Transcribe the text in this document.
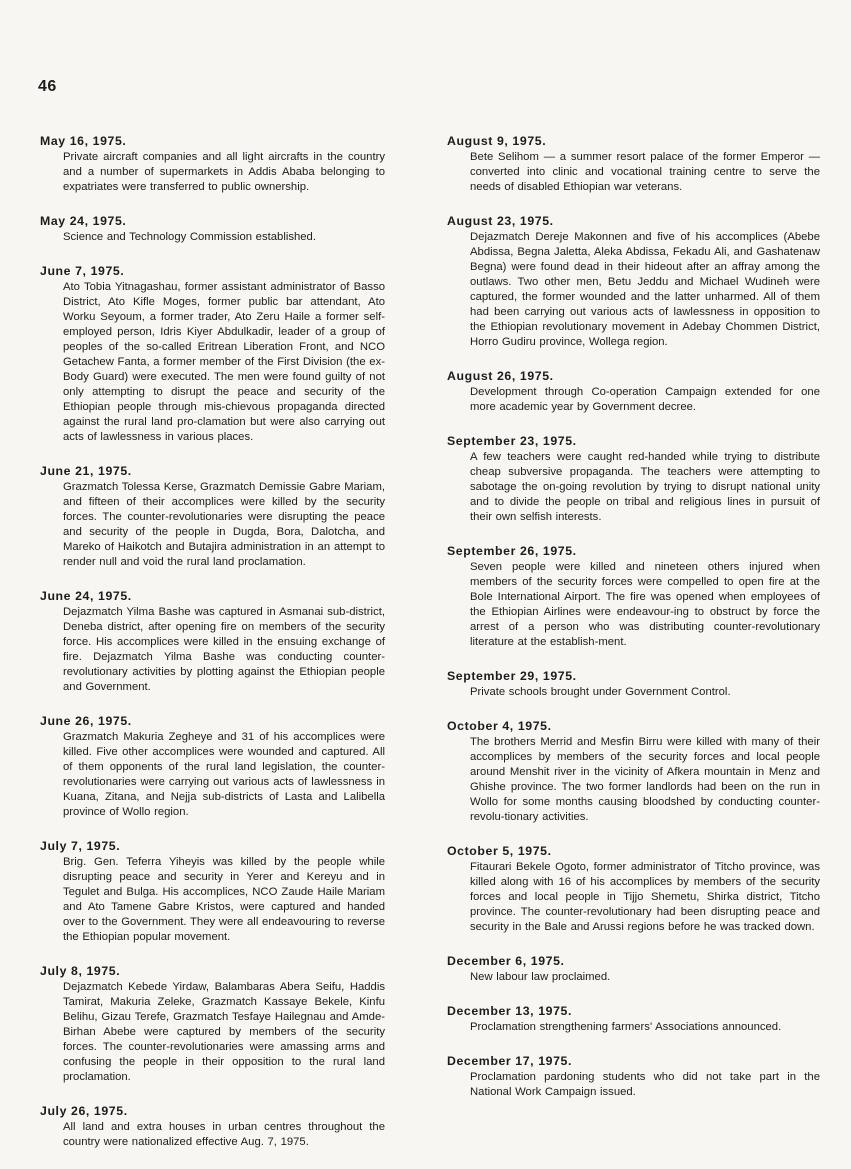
46
May 16, 1975.
Private aircraft companies and all light aircrafts in the country and a number of supermarkets in Addis Ababa belonging to expatriates were transferred to public ownership.
May 24, 1975.
Science and Technology Commission established.
June 7, 1975.
Ato Tobia Yitnagashau, former assistant administrator of Basso District, Ato Kifle Moges, former public bar attendant, Ato Worku Seyoum, a former trader, Ato Zeru Haile a former self-employed person, Idris Kiyer Abdulkadir, leader of a group of peoples of the so-called Eritrean Liberation Front, and NCO Getachew Fanta, a former member of the First Division (the ex-Body Guard) were executed. The men were found guilty of not only attempting to disrupt the peace and security of the Ethiopian people through mis-chievous propaganda directed against the rural land pro-clamation but were also carrying out acts of lawlessness in various places.
June 21, 1975.
Grazmatch Tolessa Kerse, Grazmatch Demissie Gabre Mariam, and fifteen of their accomplices were killed by the security forces. The counter-revolutionaries were disrupting the peace and security of the people in Dugda, Bora, Dalotcha, and Mareko of Haikotch and Butajira administration in an attempt to render null and void the rural land proclamation.
June 24, 1975.
Dejazmatch Yilma Bashe was captured in Asmanai sub-district, Deneba district, after opening fire on members of the security force. His accomplices were killed in the ensuing exchange of fire. Dejazmatch Yilma Bashe was conducting counter-revolutionary activities by plotting against the Ethiopian people and Government.
June 26, 1975.
Grazmatch Makuria Zegheye and 31 of his accomplices were killed. Five other accomplices were wounded and captured. All of them opponents of the rural land legislation, the counter-revolutionaries were carrying out various acts of lawlessness in Kuana, Zitana, and Nejja sub-districts of Lasta and Lalibella province of Wollo region.
July 7, 1975.
Brig. Gen. Teferra Yiheyis was killed by the people while disrupting peace and security in Yerer and Kereyu and in Tegulet and Bulga. His accomplices, NCO Zaude Haile Mariam and Ato Tamene Gabre Kristos, were captured and handed over to the Government. They were all endeavouring to reverse the Ethiopian popular movement.
July 8, 1975.
Dejazmatch Kebede Yirdaw, Balambaras Abera Seifu, Haddis Tamirat, Makuria Zeleke, Grazmatch Kassaye Bekele, Kinfu Belihu, Gizau Terefe, Grazmatch Tesfaye Hailegnau and Amde-Birhan Abebe were captured by members of the security forces. The counter-revolutionaries were amassing arms and confusing the people in their opposition to the rural land proclamation.
July 26, 1975.
All land and extra houses in urban centres throughout the country were nationalized effective Aug. 7, 1975.
August 9, 1975.
Bete Selihom — a summer resort palace of the former Emperor — converted into clinic and vocational training centre to serve the needs of disabled Ethiopian war veterans.
August 23, 1975.
Dejazmatch Dereje Makonnen and five of his accomplices (Abebe Abdissa, Begna Jaletta, Aleka Abdissa, Fekadu Ali, and Gashatenaw Begna) were found dead in their hideout after an affray among the outlaws. Two other men, Betu Jeddu and Michael Wudineh were captured, the former wounded and the latter unharmed. All of them had been carrying out various acts of lawlessness in opposition to the Ethiopian revolutionary movement in Adebay Chommen District, Horro Gudiru province, Wollega region.
August 26, 1975.
Development through Co-operation Campaign extended for one more academic year by Government decree.
September 23, 1975.
A few teachers were caught red-handed while trying to distribute cheap subversive propaganda. The teachers were attempting to sabotage the on-going revolution by trying to disrupt national unity and to divide the people on tribal and religious lines in pursuit of their own selfish interests.
September 26, 1975.
Seven people were killed and nineteen others injured when members of the security forces were compelled to open fire at the Bole International Airport. The fire was opened when employees of the Ethiopian Airlines were endeavour-ing to obstruct by force the arrest of a person who was distributing counter-revolutionary literature at the establish-ment.
September 29, 1975.
Private schools brought under Government Control.
October 4, 1975.
The brothers Merrid and Mesfin Birru were killed with many of their accomplices by members of the security forces and local people around Menshit river in the vicinity of Afkera mountain in Menz and Ghishe province. The two former landlords had been on the run in Wollo for some months causing bloodshed by conducting counter-revolu-tionary activities.
October 5, 1975.
Fitaurari Bekele Ogoto, former administrator of Titcho province, was killed along with 16 of his accomplices by members of the security forces and local people in Tijjo Shemetu, Shirka district, Titcho province. The counter-revolutionary had been disrupting peace and security in the Bale and Arussi regions before he was tracked down.
December 6, 1975.
New labour law proclaimed.
December 13, 1975.
Proclamation strengthening farmers' Associations announced.
December 17, 1975.
Proclamation pardoning students who did not take part in the National Work Campaign issued.
